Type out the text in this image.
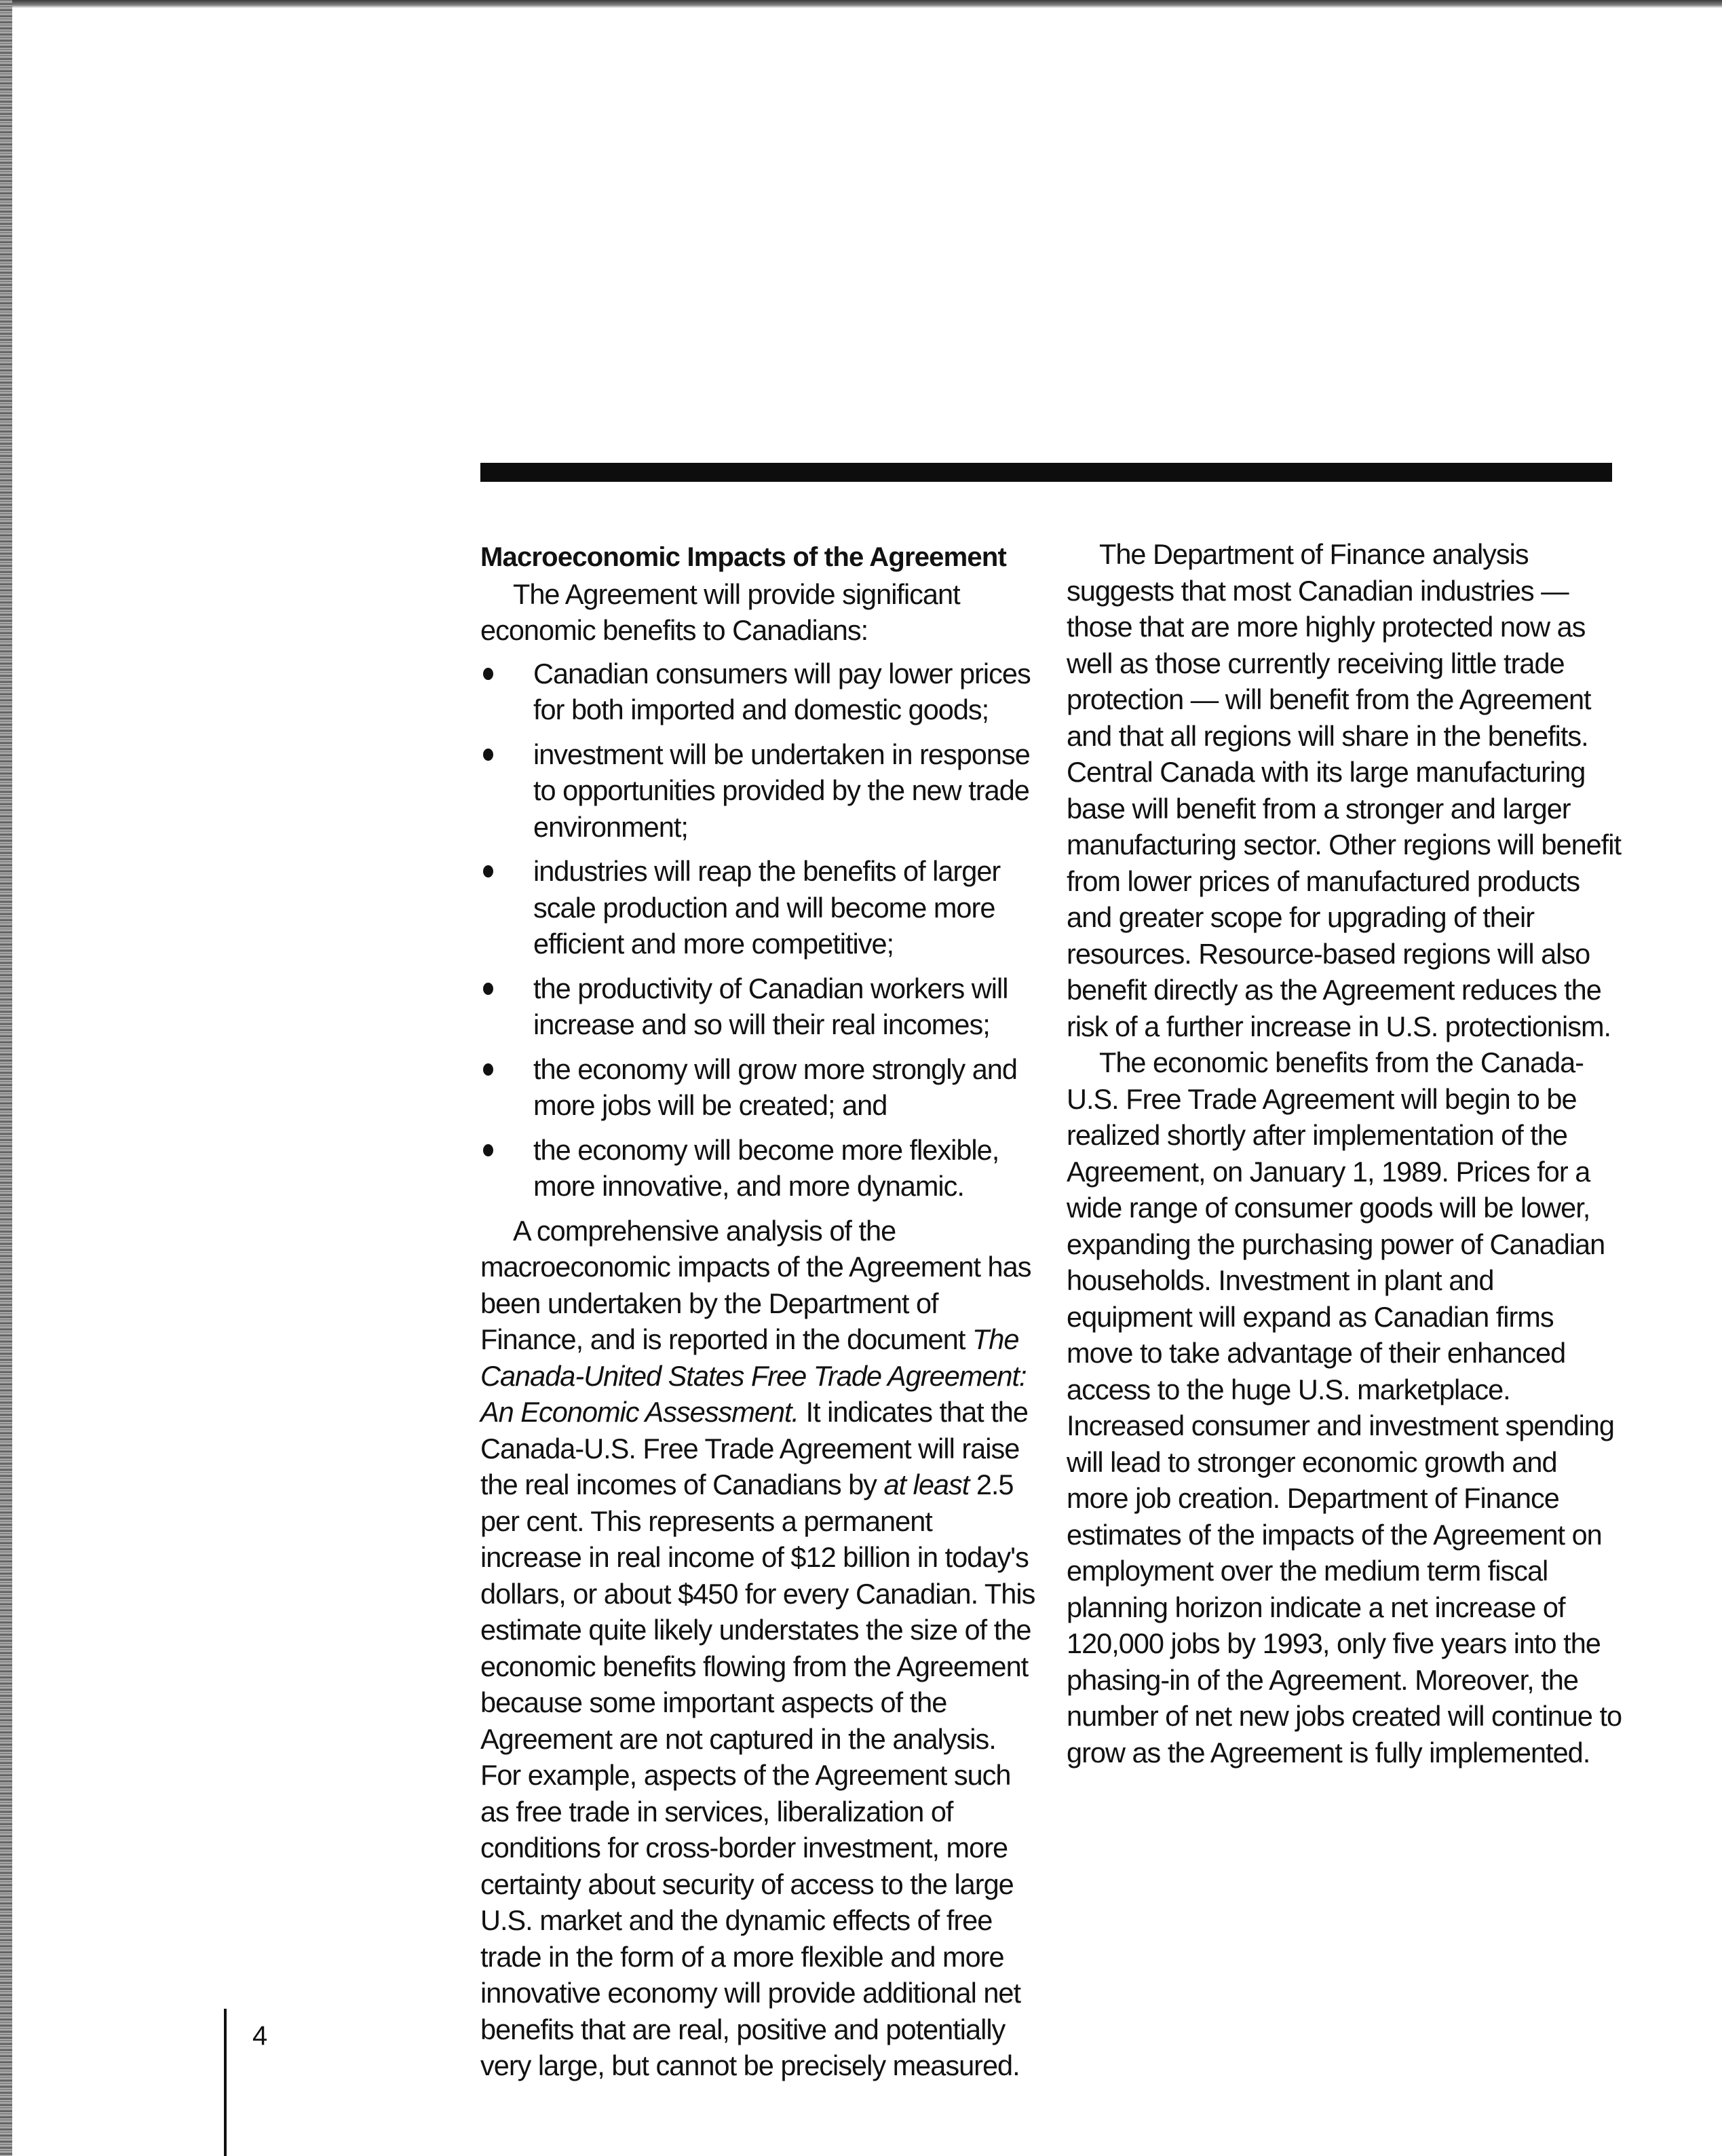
Macroeconomic Impacts of the Agreement

The Agreement will provide significant economic benefits to Canadians:

Canadian consumers will pay lower prices for both imported and domestic goods;
investment will be undertaken in response to opportunities provided by the new trade environment;
industries will reap the benefits of larger scale production and will become more efficient and more competitive;
the productivity of Canadian workers will increase and so will their real incomes;
the economy will grow more strongly and more jobs will be created; and
the economy will become more flexible, more innovative, and more dynamic.

A comprehensive analysis of the macroeconomic impacts of the Agreement has been undertaken by the Department of Finance, and is reported in the document The Canada-United States Free Trade Agreement: An Economic Assessment. It indicates that the Canada-U.S. Free Trade Agreement will raise the real incomes of Canadians by at least 2.5 per cent. This represents a permanent increase in real income of $12 billion in today's dollars, or about $450 for every Canadian. This estimate quite likely understates the size of the economic benefits flowing from the Agreement because some important aspects of the Agreement are not captured in the analysis. For example, aspects of the Agreement such as free trade in services, liberalization of conditions for cross-border investment, more certainty about security of access to the large U.S. market and the dynamic effects of free trade in the form of a more flexible and more innovative economy will provide additional net benefits that are real, positive and potentially very large, but cannot be precisely measured.

The Department of Finance analysis suggests that most Canadian industries — those that are more highly protected now as well as those currently receiving little trade protection — will benefit from the Agreement and that all regions will share in the benefits. Central Canada with its large manufacturing base will benefit from a stronger and larger manufacturing sector. Other regions will benefit from lower prices of manufactured products and greater scope for upgrading of their resources. Resource-based regions will also benefit directly as the Agreement reduces the risk of a further increase in U.S. protectionism.

The economic benefits from the Canada-U.S. Free Trade Agreement will begin to be realized shortly after implementation of the Agreement, on January 1, 1989. Prices for a wide range of consumer goods will be lower, expanding the purchasing power of Canadian households. Investment in plant and equipment will expand as Canadian firms move to take advantage of their enhanced access to the huge U.S. marketplace. Increased consumer and investment spending will lead to stronger economic growth and more job creation. Department of Finance estimates of the impacts of the Agreement on employment over the medium term fiscal planning horizon indicate a net increase of 120,000 jobs by 1993, only five years into the phasing-in of the Agreement. Moreover, the number of net new jobs created will continue to grow as the Agreement is fully implemented.

4
